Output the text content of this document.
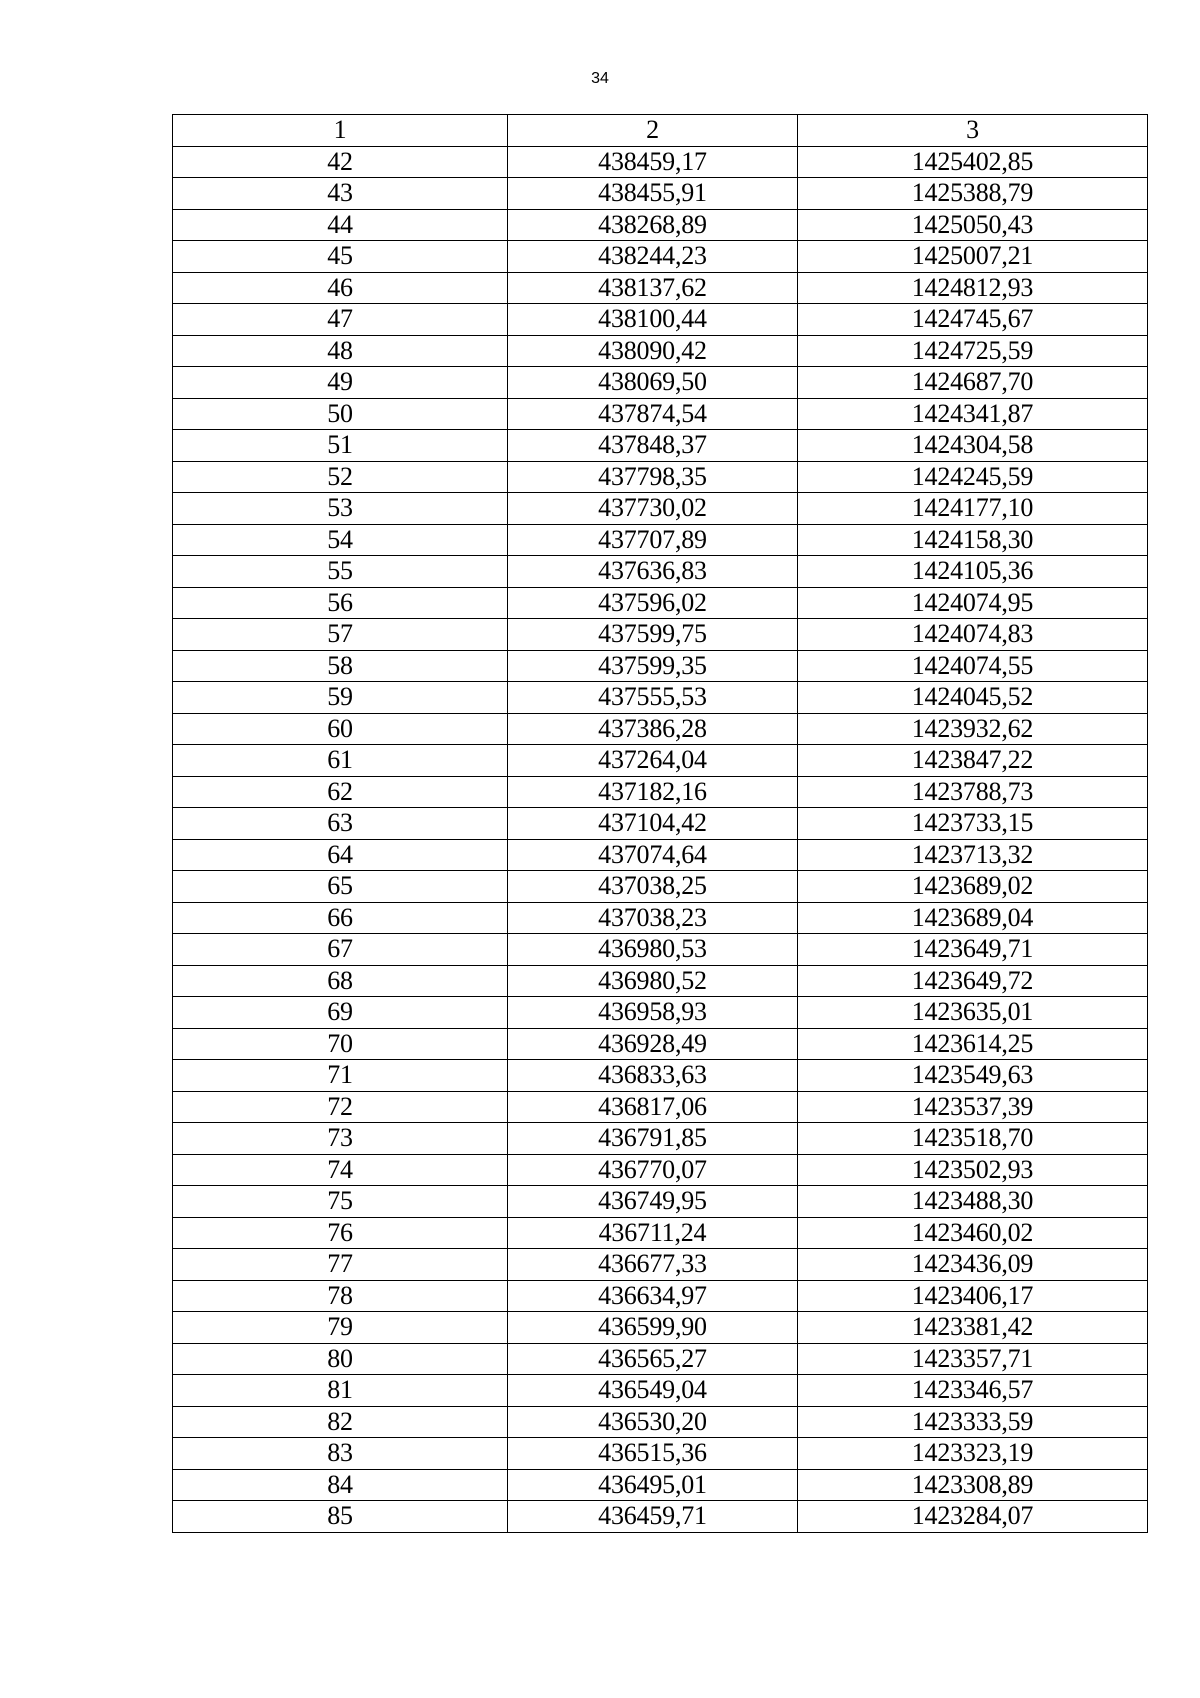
34
1	2	3
42	438459,17	1425402,85
43	438455,91	1425388,79
44	438268,89	1425050,43
45	438244,23	1425007,21
46	438137,62	1424812,93
47	438100,44	1424745,67
48	438090,42	1424725,59
49	438069,50	1424687,70
50	437874,54	1424341,87
51	437848,37	1424304,58
52	437798,35	1424245,59
53	437730,02	1424177,10
54	437707,89	1424158,30
55	437636,83	1424105,36
56	437596,02	1424074,95
57	437599,75	1424074,83
58	437599,35	1424074,55
59	437555,53	1424045,52
60	437386,28	1423932,62
61	437264,04	1423847,22
62	437182,16	1423788,73
63	437104,42	1423733,15
64	437074,64	1423713,32
65	437038,25	1423689,02
66	437038,23	1423689,04
67	436980,53	1423649,71
68	436980,52	1423649,72
69	436958,93	1423635,01
70	436928,49	1423614,25
71	436833,63	1423549,63
72	436817,06	1423537,39
73	436791,85	1423518,70
74	436770,07	1423502,93
75	436749,95	1423488,30
76	436711,24	1423460,02
77	436677,33	1423436,09
78	436634,97	1423406,17
79	436599,90	1423381,42
80	436565,27	1423357,71
81	436549,04	1423346,57
82	436530,20	1423333,59
83	436515,36	1423323,19
84	436495,01	1423308,89
85	436459,71	1423284,07
